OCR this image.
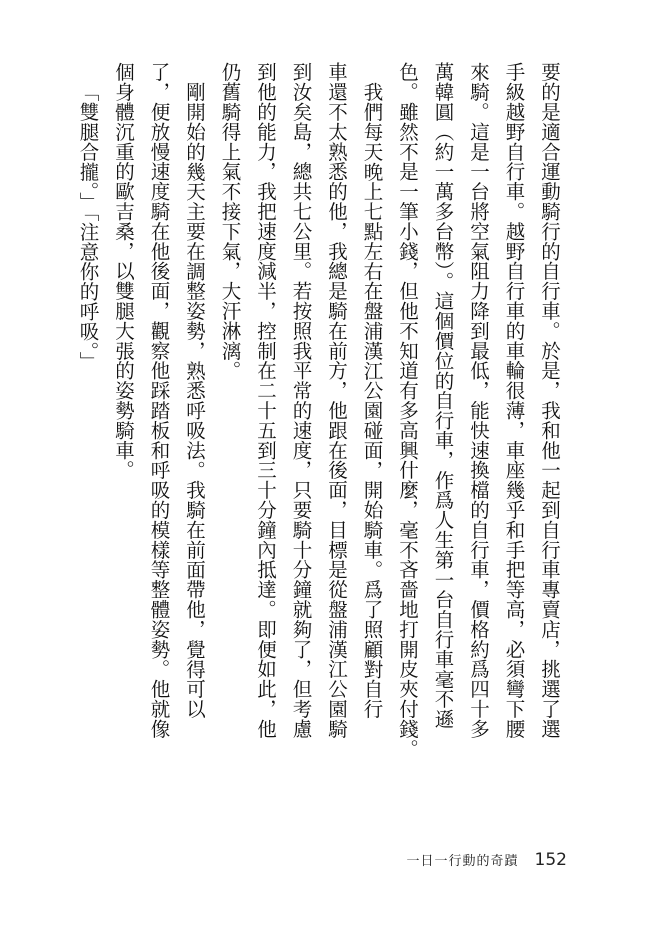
要的是適合運動騎行的自行車。於是，我和他一起到自行車專賣店，挑選了選
手級越野自行車。越野自行車的車輪很薄，車座幾乎和手把等高，必須彎下腰
來騎。這是一台將空氣阻力降到最低，能快速換檔的自行車，價格約爲四十多
萬韓圓（約一萬多台幣）。這個價位的自行車，作爲人生第一台自行車毫不遜
色。雖然不是一筆小錢，但他不知道有多高興什麼，毫不吝嗇地打開皮夾付錢。
我們每天晚上七點左右在盤浦漢江公園碰面，開始騎車。爲了照顧對自行
車還不太熟悉的他，我總是騎在前方，他跟在後面，目標是從盤浦漢江公園騎
到汝矣島，總共七公里。若按照我平常的速度，只要騎十分鐘就夠了，但考慮
到他的能力，我把速度減半，控制在二十五到三十分鐘內抵達。即便如此，他
仍舊騎得上氣不接下氣，大汗淋漓。
剛開始的幾天主要在調整姿勢，熟悉呼吸法。我騎在前面帶他，覺得可以
了，便放慢速度騎在他後面，觀察他踩踏板和呼吸的模樣等整體姿勢。他就像
個身體沉重的歐吉桑，以雙腿大張的姿勢騎車。
「雙腿合攏。」「注意你的呼吸。」
一日一行動的奇蹟 152
